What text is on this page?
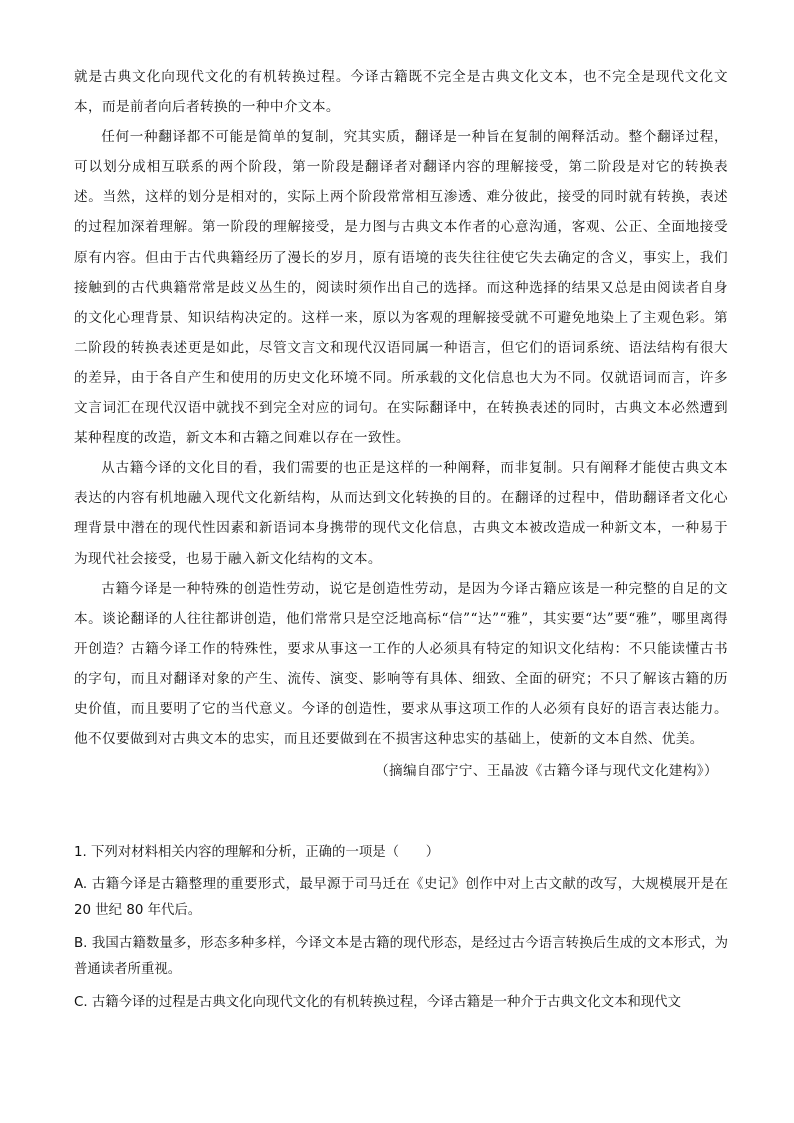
就是古典文化向现代文化的有机转换过程。今译古籍既不完全是古典文化文本，也不完全是现代文化文本，而是前者向后者转换的一种中介文本。

任何一种翻译都不可能是简单的复制，究其实质，翻译是一种旨在复制的阐释活动。整个翻译过程，可以划分成相互联系的两个阶段，第一阶段是翻译者对翻译内容的理解接受，第二阶段是对它的转换表述。当然，这样的划分是相对的，实际上两个阶段常常相互渗透、难分彼此，接受的同时就有转换，表述的过程加深着理解。第一阶段的理解接受，是力图与古典文本作者的心意沟通，客观、公正、全面地接受原有内容。但由于古代典籍经历了漫长的岁月，原有语境的丧失往往使它失去确定的含义，事实上，我们接触到的古代典籍常常是歧义丛生的，阅读时须作出自己的选择。而这种选择的结果又总是由阅读者自身的文化心理背景、知识结构决定的。这样一来，原以为客观的理解接受就不可避免地染上了主观色彩。第二阶段的转换表述更是如此，尽管文言文和现代汉语同属一种语言，但它们的语词系统、语法结构有很大的差异，由于各自产生和使用的历史文化环境不同。所承载的文化信息也大为不同。仅就语词而言，许多文言词汇在现代汉语中就找不到完全对应的词句。在实际翻译中，在转换表述的同时，古典文本必然遭到某种程度的改造，新文本和古籍之间难以存在一致性。

从古籍今译的文化目的看，我们需要的也正是这样的一种阐释，而非复制。只有阐释才能使古典文本表达的内容有机地融入现代文化新结构，从而达到文化转换的目的。在翻译的过程中，借助翻译者文化心理背景中潜在的现代性因素和新语词本身携带的现代文化信息，古典文本被改造成一种新文本，一种易于为现代社会接受，也易于融入新文化结构的文本。

古籍今译是一种特殊的创造性劳动，说它是创造性劳动，是因为今译古籍应该是一种完整的自足的文本。谈论翻译的人往往都讲创造，他们常常只是空泛地高标“信”“达”“雅”，其实要“达”要“雅”，哪里离得开创造？古籍今译工作的特殊性，要求从事这一工作的人必须具有特定的知识文化结构：不只能读懂古书的字句，而且对翻译对象的产生、流传、演变、影响等有具体、细致、全面的研究；不只了解该古籍的历史价值，而且要明了它的当代意义。今译的创造性，要求从事这项工作的人必须有良好的语言表达能力。他不仅要做到对古典文本的忠实，而且还要做到在不损害这种忠实的基础上，使新的文本自然、优美。

（摘编自邵宁宁、王晶波《古籍今译与现代文化建构》）

1. 下列对材料相关内容的理解和分析，正确的一项是（　　）

A. 古籍今译是古籍整理的重要形式，最早源于司马迁在《史记》创作中对上古文献的改写，大规模展开是在 20 世纪 80 年代后。

B. 我国古籍数量多，形态多种多样，今译文本是古籍的现代形态，是经过古今语言转换后生成的文本形式，为普通读者所重视。

C. 古籍今译的过程是古典文化向现代文化的有机转换过程，今译古籍是一种介于古典文化文本和现代文
